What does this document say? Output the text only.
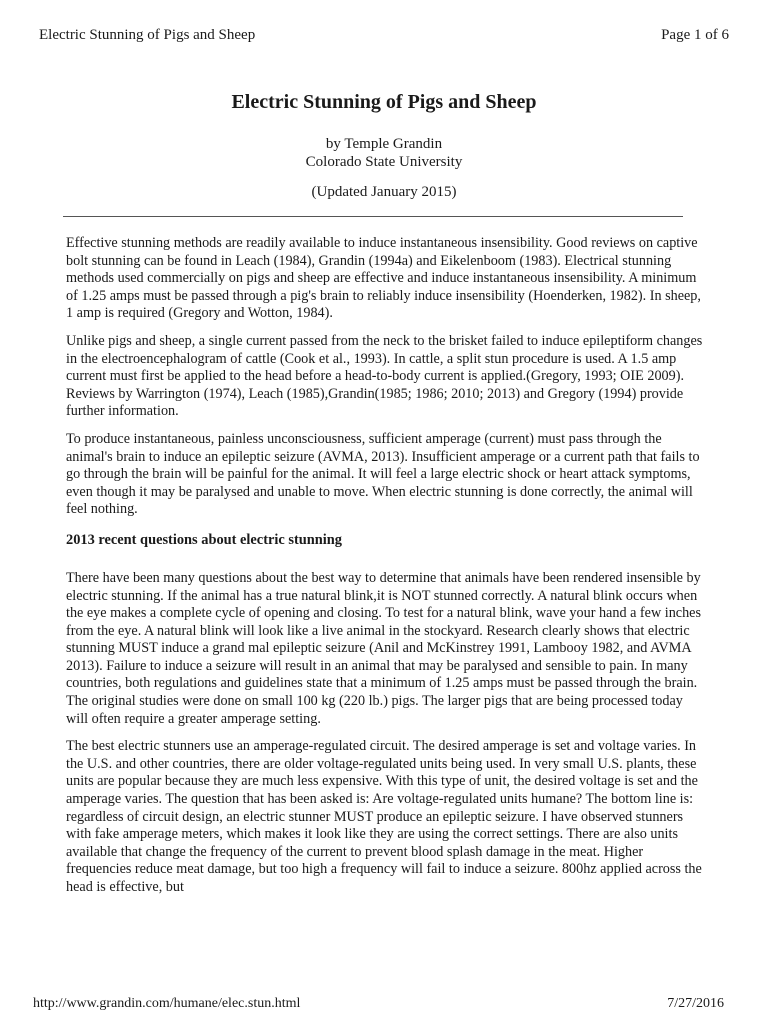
Electric Stunning of Pigs and Sheep	Page 1 of 6
Electric Stunning of Pigs and Sheep
by Temple Grandin
Colorado State University
(Updated January 2015)

Effective stunning methods are readily available to induce instantaneous insensibility. Good reviews on captive bolt stunning can be found in Leach (1984), Grandin (1994a) and Eikelenboom (1983). Electrical stunning methods used commercially on pigs and sheep are effective and induce instantaneous insensibility. A minimum of 1.25 amps must be passed through a pig's brain to reliably induce insensibility (Hoenderken, 1982). In sheep, 1 amp is required (Gregory and Wotton, 1984).

Unlike pigs and sheep, a single current passed from the neck to the brisket failed to induce epileptiform changes in the electroencephalogram of cattle (Cook et al., 1993). In cattle, a split stun procedure is used. A 1.5 amp current must first be applied to the head before a head-to-body current is applied.(Gregory, 1993; OIE 2009). Reviews by Warrington (1974), Leach (1985),Grandin(1985; 1986; 2010; 2013) and Gregory (1994) provide further information.

To produce instantaneous, painless unconsciousness, sufficient amperage (current) must pass through the animal's brain to induce an epileptic seizure (AVMA, 2013). Insufficient amperage or a current path that fails to go through the brain will be painful for the animal. It will feel a large electric shock or heart attack symptoms, even though it may be paralysed and unable to move. When electric stunning is done correctly, the animal will feel nothing.

2013 recent questions about electric stunning

There have been many questions about the best way to determine that animals have been rendered insensible by electric stunning. If the animal has a true natural blink,it is NOT stunned correctly. A natural blink occurs when the eye makes a complete cycle of opening and closing. To test for a natural blink, wave your hand a few inches from the eye. A natural blink will look like a live animal in the stockyard. Research clearly shows that electric stunning MUST induce a grand mal epileptic seizure (Anil and McKinstrey 1991, Lambooy 1982, and AVMA 2013). Failure to induce a seizure will result in an animal that may be paralysed and sensible to pain. In many countries, both regulations and guidelines state that a minimum of 1.25 amps must be passed through the brain. The original studies were done on small 100 kg (220 lb.) pigs. The larger pigs that are being processed today will often require a greater amperage setting.

The best electric stunners use an amperage-regulated circuit. The desired amperage is set and voltage varies. In the U.S. and other countries, there are older voltage-regulated units being used. In very small U.S. plants, these units are popular because they are much less expensive. With this type of unit, the desired voltage is set and the amperage varies. The question that has been asked is: Are voltage-regulated units humane? The bottom line is: regardless of circuit design, an electric stunner MUST produce an epileptic seizure. I have observed stunners with fake amperage meters, which makes it look like they are using the correct settings. There are also units available that change the frequency of the current to prevent blood splash damage in the meat. Higher frequencies reduce meat damage, but too high a frequency will fail to induce a seizure. 800hz applied across the head is effective, but

http://www.grandin.com/humane/elec.stun.html	7/27/2016
